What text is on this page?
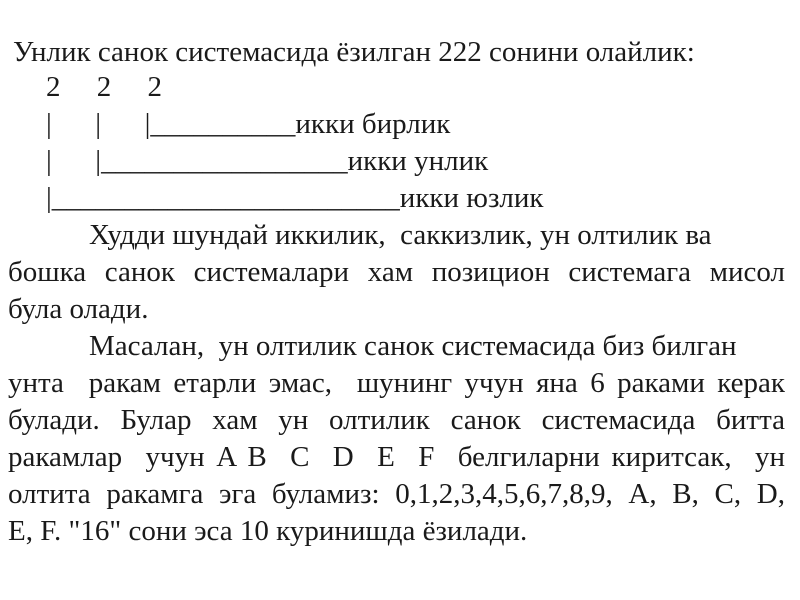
Унлик санок системасида ёзилган 222 сонини олайлик:
2     2     2
|      |      |__________икки бирлик
|      |_________________икки унлик
|________________________икки юзлик
Худди шундай иккилик,  саккизлик, ун олтилик ва
бошка санок системалари хам позицион системага мисол
була олади.
Масалан,  ун олтилик санок системасида биз билган
унта  ракам етарли эмас,  шунинг учун яна 6 раками керак
булади. Булар хам ун олтилик санок системасида битта
ракамлар  учун A B  C  D  E  F  белгиларни киритсак,  ун
олтита ракамга эга буламиз: 0,1,2,3,4,5,6,7,8,9, A, B, C, D,
E, F. "16" сони эса 10 куринишда ёзилади.
